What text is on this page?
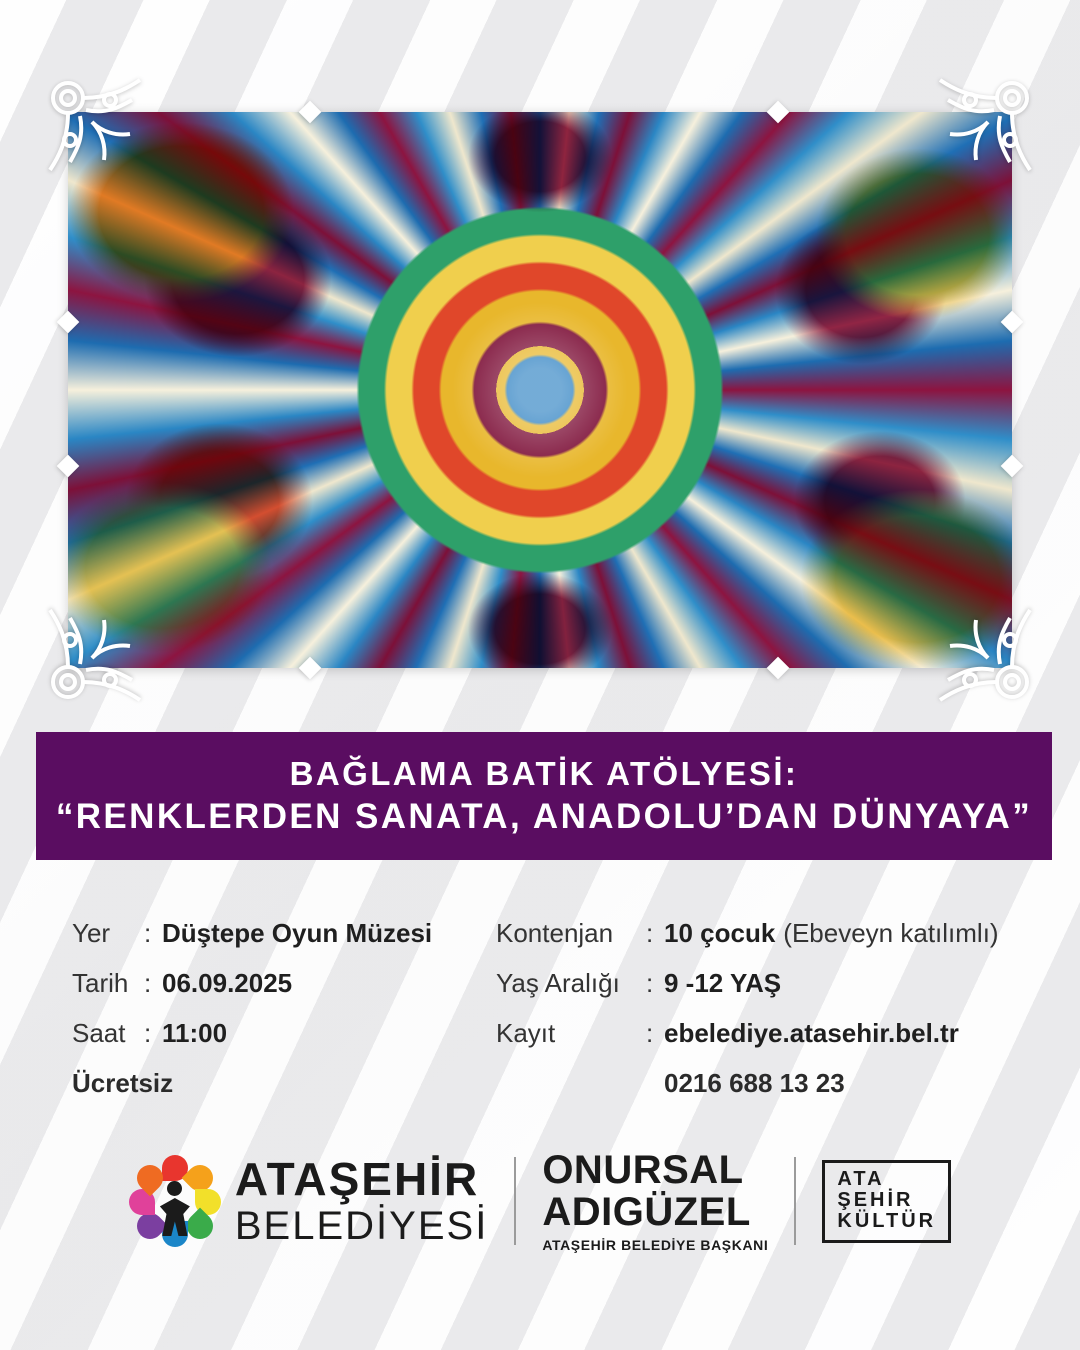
BAĞLAMA BATİK ATÖLYESİ:
“RENKLERDEN SANATA, ANADOLU’DAN DÜNYAYA”
Yer	: Düştepe Oyun Müzesi
Tarih : 06.09.2025
Saat : 11:00
Ücretsiz
Kontenjan	: 10 çocuk (Ebeveyn katılımlı)
Yaş Aralığı	: 9 -12 YAŞ
Kayıt	: ebelediye.atasehir.bel.tr
0216 688 13 23
ATAŞEHİR
BELEDİYESİ
ONURSAL
ADIGÜZEL
ATAŞEHİR BELEDİYE BAŞKANI
ATA
ŞEHİR
KÜLTÜR
